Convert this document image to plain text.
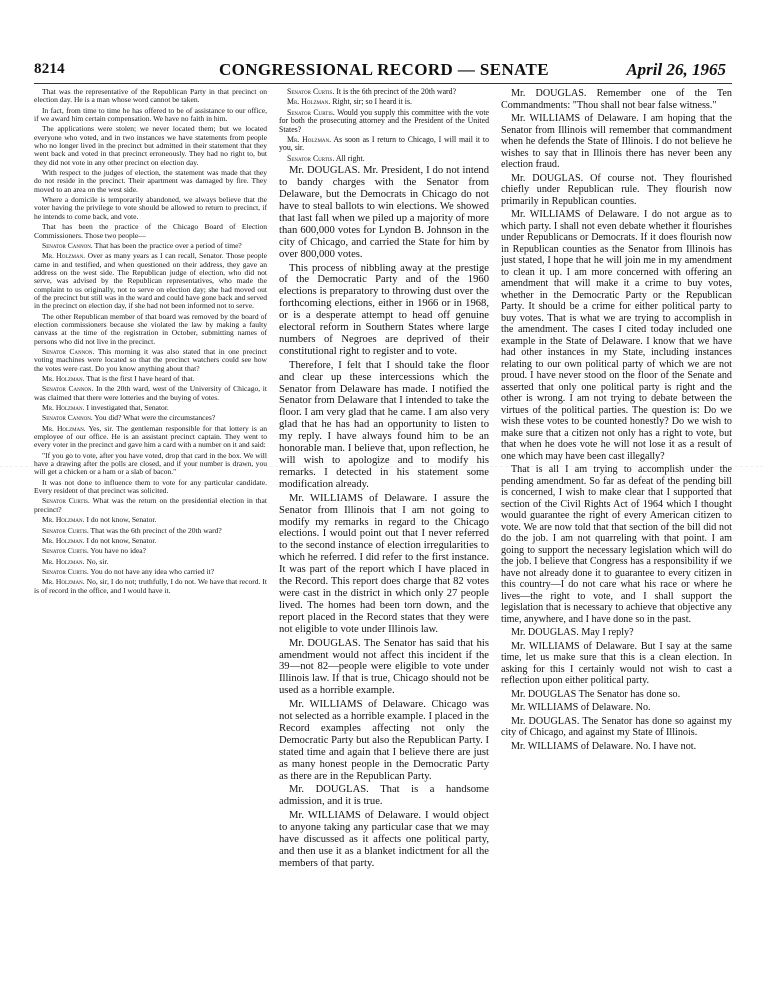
8214	CONGRESSIONAL RECORD — SENATE	April 26, 1965

That was the representative of the Republican Party in that precinct on election day. He is a man whose word cannot be taken.

In fact, from time to time he has offered to be of assistance to our office, if we award him certain compensation. We have no faith in him.

The applications were stolen; we never located them; but we located everyone who voted, and in two instances we have statements from people who no longer lived in the precinct but admitted in their statement that they went back and voted in that precinct erroneously. They had no right to, but they did not vote in any other precinct on election day.

With respect to the judges of election, the statement was made that they do not reside in the precinct. Their apartment was damaged by fire. They moved to an area on the west side.

Where a domicile is temporarily abandoned, we always believe that the voter having the privilege to vote should be allowed to return to precinct, if he intends to come back, and vote.

That has been the practice of the Chicago Board of Election Commissioners. Those two people—

Senator Cannon. That has been the practice over a period of time?

Mr. Holzman. Over as many years as I can recall, Senator. Those people came in and testified, and when questioned on their address, they gave an address on the west side. The Republican judge of election, who did not serve, was advised by the Republican representatives, who made the complaint to us originally, not to serve on election day; she had moved out of the precinct but still was in the ward and could have gone back and served in the precinct on election day, if she had not been informed not to serve.

The other Republican member of that board was removed by the board of election commissioners because she violated the law by making a faulty canvass at the time of the registration in October, submitting names of persons who did not live in the precinct.

Senator Cannon. This morning it was also stated that in one precinct voting machines were located so that the precinct watchers could see how the votes were cast. Do you know anything about that?

Mr. Holzman. That is the first I have heard of that.

Senator Cannon. In the 20th ward, west of the University of Chicago, it was claimed that there were lotteries and the buying of votes.

Mr. Holzman. I investigated that, Senator.

Senator Cannon. You did? What were the circumstances?

Mr. Holzman. Yes, sir. The gentleman responsible for that lottery is an employee of our office. He is an assistant precinct captain. They went to every voter in the precinct and gave him a card with a number on it and said:

"If you go to vote, after you have voted, drop that card in the box. We will have a drawing after the polls are closed, and if your number is drawn, you will get a chicken or a ham or a slab of bacon."

It was not done to influence them to vote for any particular candidate. Every resident of that precinct was solicited.

Senator Curtis. What was the return on the presidential election in that precinct?

Mr. Holzman. I do not know, Senator.

Senator Curtis. That was the 6th precinct of the 20th ward?

Mr. Holzman. I do not know, Senator.

Senator Curtis. You have no idea?

Mr. Holzman. No, sir.

Senator Curtis. You do not have any idea who carried it?

Mr. Holzman. No, sir, I do not; truthfully, I do not. We have that record. It is of record in the office, and I would have it.

Senator Curtis. It is the 6th precinct of the 20th ward?

Mr. Holzman. Right, sir; so I heard it is.

Senator Curtis. Would you supply this committee with the vote for both the prosecuting attorney and the President of the United States?

Mr. Holzman. As soon as I return to Chicago, I will mail it to you, sir.

Senator Curtis. All right.

Mr. DOUGLAS. Mr. President, I do not intend to bandy charges with the Senator from Delaware, but the Democrats in Chicago do not have to steal ballots to win elections. We showed that last fall when we piled up a majority of more than 600,000 votes for Lyndon B. Johnson in the city of Chicago, and carried the State for him by over 800,000 votes.

This process of nibbling away at the prestige of the Democratic Party and of the 1960 elections is preparatory to throwing dust over the forthcoming elections, either in 1966 or in 1968, or is a desperate attempt to head off genuine electoral reform in Southern States where large numbers of Negroes are deprived of their constitutional right to register and to vote.

Therefore, I felt that I should take the floor and clear up these intercessions which the Senator from Delaware has made. I notified the Senator from Delaware that I intended to take the floor. I am very glad that he came. I am also very glad that he has had an opportunity to listen to my reply. I have always found him to be an honorable man. I believe that, upon reflection, he will wish to apologize and to modify his remarks. I detected in his statement some modification already.

Mr. WILLIAMS of Delaware. I assure the Senator from Illinois that I am not going to modify my remarks in regard to the Chicago elections. I would point out that I never referred to the second instance of election irregularities to which he referred. I did refer to the first instance. It was part of the report which I have placed in the Record. This report does charge that 82 votes were cast in the district in which only 27 people lived. The homes had been torn down, and the report placed in the Record states that they were not eligible to vote under Illinois law.

Mr. DOUGLAS. The Senator has said that his amendment would not affect this incident if the 39—not 82—people were eligible to vote under Illinois law. If that is true, Chicago should not be used as a horrible example.

Mr. WILLIAMS of Delaware. Chicago was not selected as a horrible example. I placed in the Record examples affecting not only the Democratic Party but also the Republican Party. I stated time and again that I believe there are just as many honest people in the Democratic Party as there are in the Republican Party.

Mr. DOUGLAS. That is a handsome admission, and it is true.

Mr. WILLIAMS of Delaware. I would object to anyone taking any particular case that we may have discussed as it affects one political party, and then use it as a blanket indictment for all the members of that party.

Mr. DOUGLAS. Remember one of the Ten Commandments: "Thou shall not bear false witness."

Mr. WILLIAMS of Delaware. I am hoping that the Senator from Illinois will remember that commandment when he defends the State of Illinois. I do not believe he wishes to say that in Illinois there has never been any election fraud.

Mr. DOUGLAS. Of course not. They flourished chiefly under Republican rule. They flourish now primarily in Republican counties.

Mr. WILLIAMS of Delaware. I do not argue as to which party. I shall not even debate whether it flourishes under Republicans or Democrats. If it does flourish now in Republican counties as the Senator from Illinois has just stated, I hope that he will join me in my amendment to clean it up. I am more concerned with offering an amendment that will make it a crime to buy votes, whether in the Democratic Party or the Republican Party. It should be a crime for either political party to buy votes. That is what we are trying to accomplish in the amendment. The cases I cited today included one example in the State of Delaware. I know that we have had other instances in my State, including instances relating to our own political party of which we are not proud. I have never stood on the floor of the Senate and asserted that only one political party is right and the other is wrong. I am not trying to debate between the virtues of the political parties. The question is: Do we wish these votes to be counted honestly? Do we wish to make sure that a citizen not only has a right to vote, but that when he does vote he will not lose it as a result of one which may have been cast illegally?

That is all I am trying to accomplish under the pending amendment. So far as defeat of the pending bill is concerned, I wish to make clear that I supported that section of the Civil Rights Act of 1964 which I thought would guarantee the right of every American citizen to vote. We are now told that that section of the bill did not do the job. I am not quarreling with that point. I am going to support the necessary legislation which will do the job. I believe that Congress has a responsibility if we have not already done it to guarantee to every citizen in this country—I do not care what his race or where he lives—the right to vote, and I shall support the legislation that is necessary to achieve that objective any time, anywhere, and I have done so in the past.

Mr. DOUGLAS. May I reply?

Mr. WILLIAMS of Delaware. But I say at the same time, let us make sure that this is a clean election. In asking for this I certainly would not wish to cast a reflection upon either political party.

Mr. DOUGLAS The Senator has done so.

Mr. WILLIAMS of Delaware. No.

Mr. DOUGLAS. The Senator has done so against my city of Chicago, and against my State of Illinois.

Mr. WILLIAMS of Delaware. No. I have not.
